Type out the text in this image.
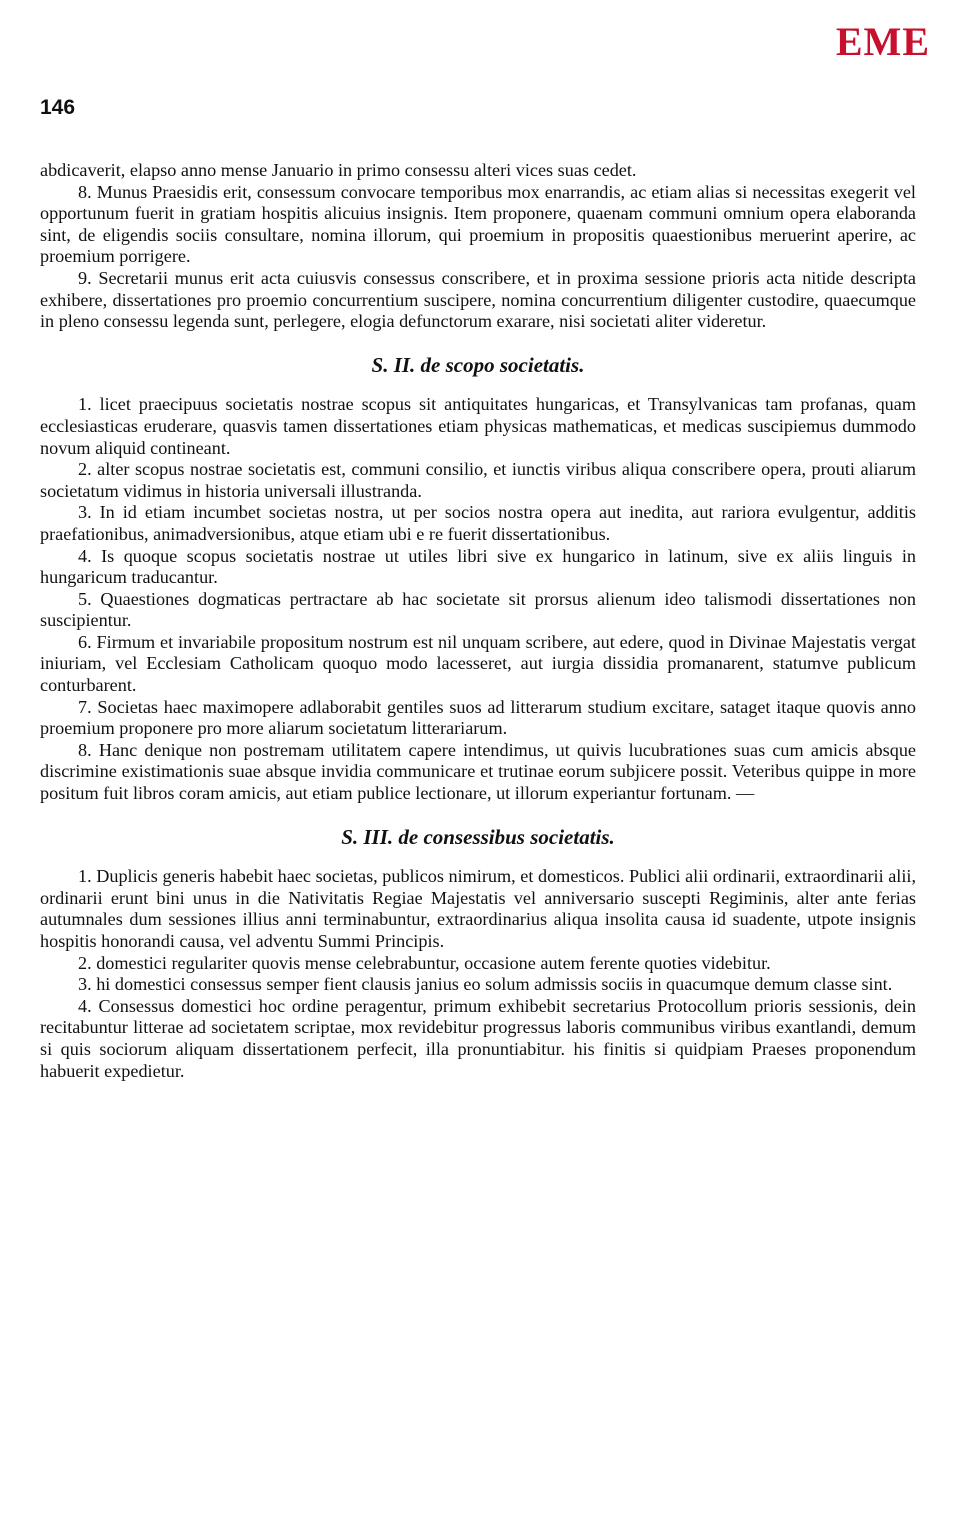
EME
146

abdicaverit, elapso anno mense Januario in primo consessu alteri vices suas cedet.

8. Munus Praesidis erit, consessum convocare temporibus mox enarrandis, ac etiam alias si necessitas exegerit vel opportunum fuerit in gratiam hospitis alicuius insignis. Item proponere, quaenam communi omnium opera elaboranda sint, de eligendis sociis consultare, nomina illorum, qui proemium in propositis quaestionibus meruerint aperire, ac proemium porrigere.

9. Secretarii munus erit acta cuiusvis consessus conscribere, et in proxima sessione prioris acta nitide descripta exhibere, dissertationes pro proemio concurrentium suscipere, nomina concurrentium diligenter custodire, quaecumque in pleno consessu legenda sunt, perlegere, elogia defunctorum exarare, nisi societati aliter videretur.

S. II. de scopo societatis.

1. licet praecipuus societatis nostrae scopus sit antiquitates hungaricas, et Transylvanicas tam profanas, quam ecclesiasticas eruderare, quasvis tamen dissertationes etiam physicas mathematicas, et medicas suscipiemus dummodo novum aliquid contineant.

2. alter scopus nostrae societatis est, communi consilio, et iunctis viribus aliqua conscribere opera, prouti aliarum societatum vidimus in historia universali illustranda.

3. In id etiam incumbet societas nostra, ut per socios nostra opera aut inedita, aut rariora evulgentur, additis praefationibus, animadversionibus, atque etiam ubi e re fuerit dissertationibus.

4. Is quoque scopus societatis nostrae ut utiles libri sive ex hungarico in latinum, sive ex aliis linguis in hungaricum traducantur.

5. Quaestiones dogmaticas pertractare ab hac societate sit prorsus alienum ideo talismodi dissertationes non suscipientur.

6. Firmum et invariabile propositum nostrum est nil unquam scribere, aut edere, quod in Divinae Majestatis vergat iniuriam, vel Ecclesiam Catholicam quoquo modo lacesseret, aut iurgia dissidia promanarent, statumve publicum conturbarent.

7. Societas haec maximopere adlaborabit gentiles suos ad litterarum studium excitare, sataget itaque quovis anno proemium proponere pro more aliarum societatum litterariarum.

8. Hanc denique non postremam utilitatem capere intendimus, ut quivis lucubrationes suas cum amicis absque discrimine existimationis suae absque invidia communicare et trutinae eorum subjicere possit. Veteribus quippe in more positum fuit libros coram amicis, aut etiam publice lectionare, ut illorum experiantur fortunam. —

S. III. de consessibus societatis.

1. Duplicis generis habebit haec societas, publicos nimirum, et domesticos. Publici alii ordinarii, extraordinarii alii, ordinarii erunt bini unus in die Nativitatis Regiae Majestatis vel anniversario suscepti Regiminis, alter ante ferias autumnales dum sessiones illius anni terminabuntur, extraordinarius aliqua insolita causa id suadente, utpote insignis hospitis honorandi causa, vel adventu Summi Principis.

2. domestici regulariter quovis mense celebrabuntur, occasione autem ferente quoties videbitur.

3. hi domestici consessus semper fient clausis janius eo solum admissis sociis in quacumque demum classe sint.

4. Consessus domestici hoc ordine peragentur, primum exhibebit secretarius Protocollum prioris sessionis, dein recitabuntur litterae ad societatem scriptae, mox revidebitur progressus laboris communibus viribus exantlandi, demum si quis sociorum aliquam dissertationem perfecit, illa pronuntiabitur. his finitis si quidpiam Praeses proponendum habuerit expedietur.
